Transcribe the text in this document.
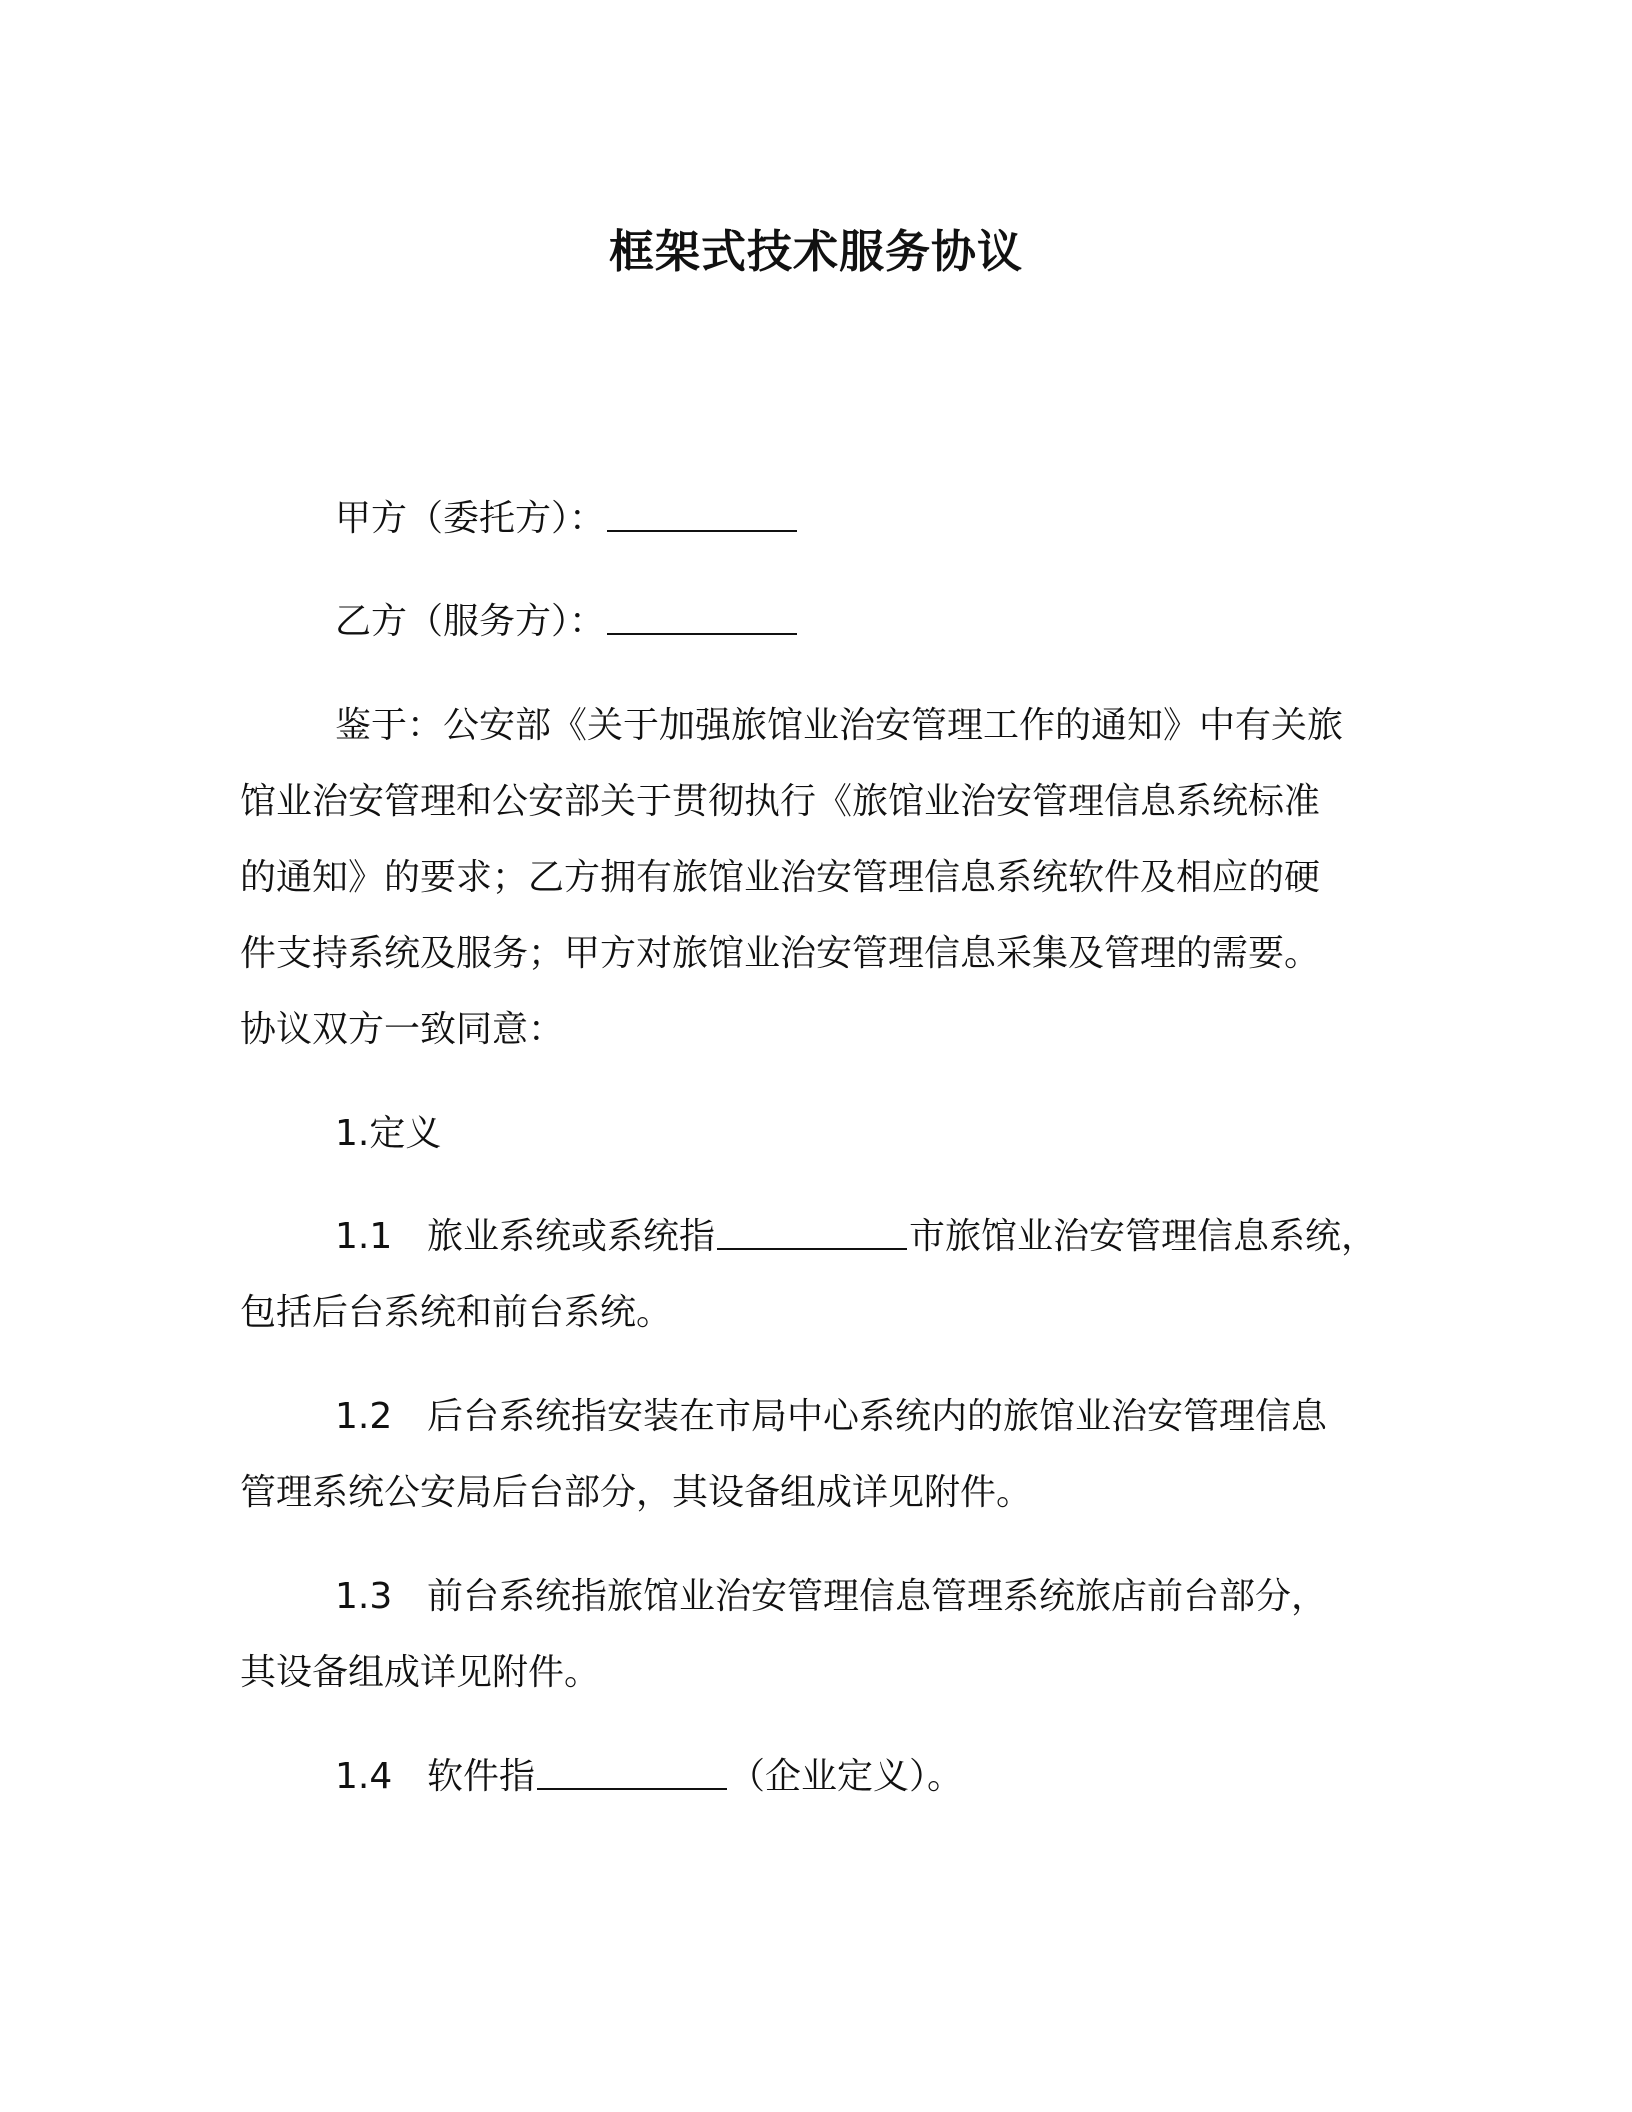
框架式技术服务协议
甲方（委托方）：
乙方（服务方）：
鉴于：公安部《关于加强旅馆业治安管理工作的通知》中有关旅
馆业治安管理和公安部关于贯彻执行《旅馆业治安管理信息系统标准
的通知》的要求；乙方拥有旅馆业治安管理信息系统软件及相应的硬
件支持系统及服务；甲方对旅馆业治安管理信息采集及管理的需要。
协议双方一致同意：
1.定义
1.1 旅业系统或系统指	市旅馆业治安管理信息系统，
包括后台系统和前台系统。
1.2 后台系统指安装在市局中心系统内的旅馆业治安管理信息
管理系统公安局后台部分，其设备组成详见附件。
1.3 前台系统指旅馆业治安管理信息管理系统旅店前台部分，
其设备组成详见附件。
1.4 软件指	（企业定义）。
